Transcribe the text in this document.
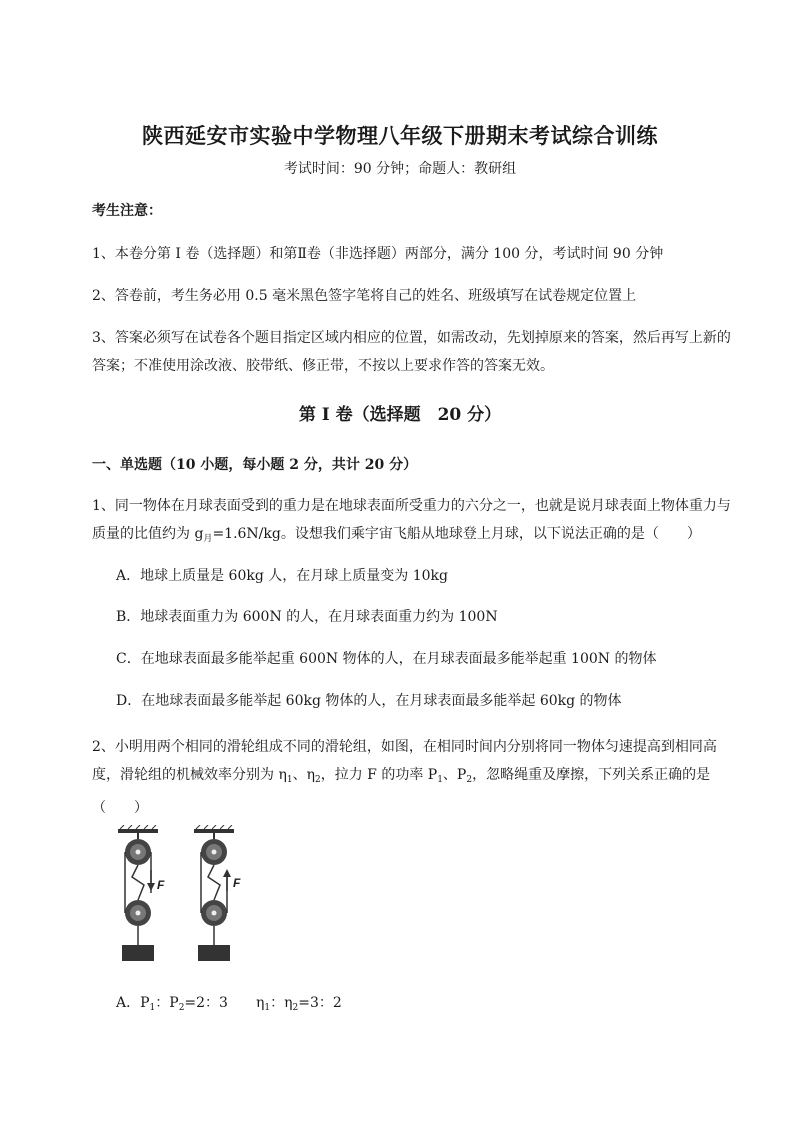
陕西延安市实验中学物理八年级下册期末考试综合训练
考试时间：90 分钟；命题人：教研组
考生注意：
1、本卷分第 I 卷（选择题）和第Ⅱ卷（非选择题）两部分，满分 100 分，考试时间 90 分钟
2、答卷前，考生务必用 0.5 毫米黑色签字笔将自己的姓名、班级填写在试卷规定位置上
3、答案必须写在试卷各个题目指定区域内相应的位置，如需改动，先划掉原来的答案，然后再写上新的答案；不准使用涂改液、胶带纸、修正带，不按以上要求作答的答案无效。
第 I 卷（选择题　20 分）
一、单选题（10 小题，每小题 2 分，共计 20 分）
1、同一物体在月球表面受到的重力是在地球表面所受重力的六分之一，也就是说月球表面上物体重力与质量的比值约为 $g_月=1.6N/kg$。设想我们乘宇宙飞船从地球登上月球，以下说法正确的是（　　）
A．地球上质量是 60kg 人，在月球上质量变为 10kg
B．地球表面重力为 600N 的人，在月球表面重力约为 100N
C．在地球表面最多能举起重 600N 物体的人，在月球表面最多能举起重 100N 的物体
D．在地球表面最多能举起 60kg 物体的人，在月球表面最多能举起 60kg 的物体
2、小明用两个相同的滑轮组成不同的滑轮组，如图，在相同时间内分别将同一物体匀速提高到相同高度，滑轮组的机械效率分别为 $\eta_1$、$\eta_2$，拉力 F 的功率 $P_1$、$P_2$，忽略绳重及摩擦，下列关系正确的是（　　）
F	F
A．$P_1$：$P_2=2$：3　　$\eta_1$：$\eta_2=3$：2
